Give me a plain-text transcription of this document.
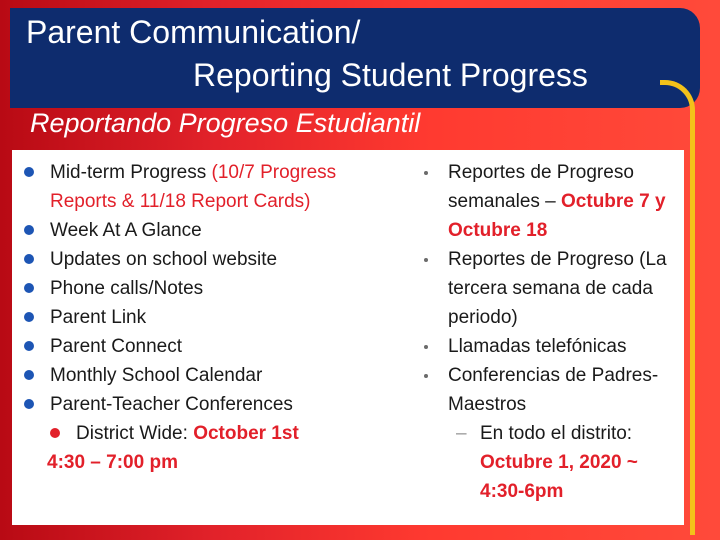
Parent Communication/
Reporting Student Progress
Reportando Progreso Estudiantil
Mid-term Progress (10/7 Progress Reports & 11/18 Report Cards)
Week At A Glance
Updates on school website
Phone calls/Notes
Parent Link
Parent Connect
Monthly School Calendar
Parent-Teacher Conferences
District Wide: October 1st
4:30 – 7:00 pm
Reportes de Progreso semanales – Octubre 7 y Octubre 18
Reportes de Progreso (La tercera semana de cada periodo)
Llamadas telefónicas
Conferencias de Padres-Maestros
– En todo el distrito: Octubre 1, 2020 ~ 4:30-6pm
